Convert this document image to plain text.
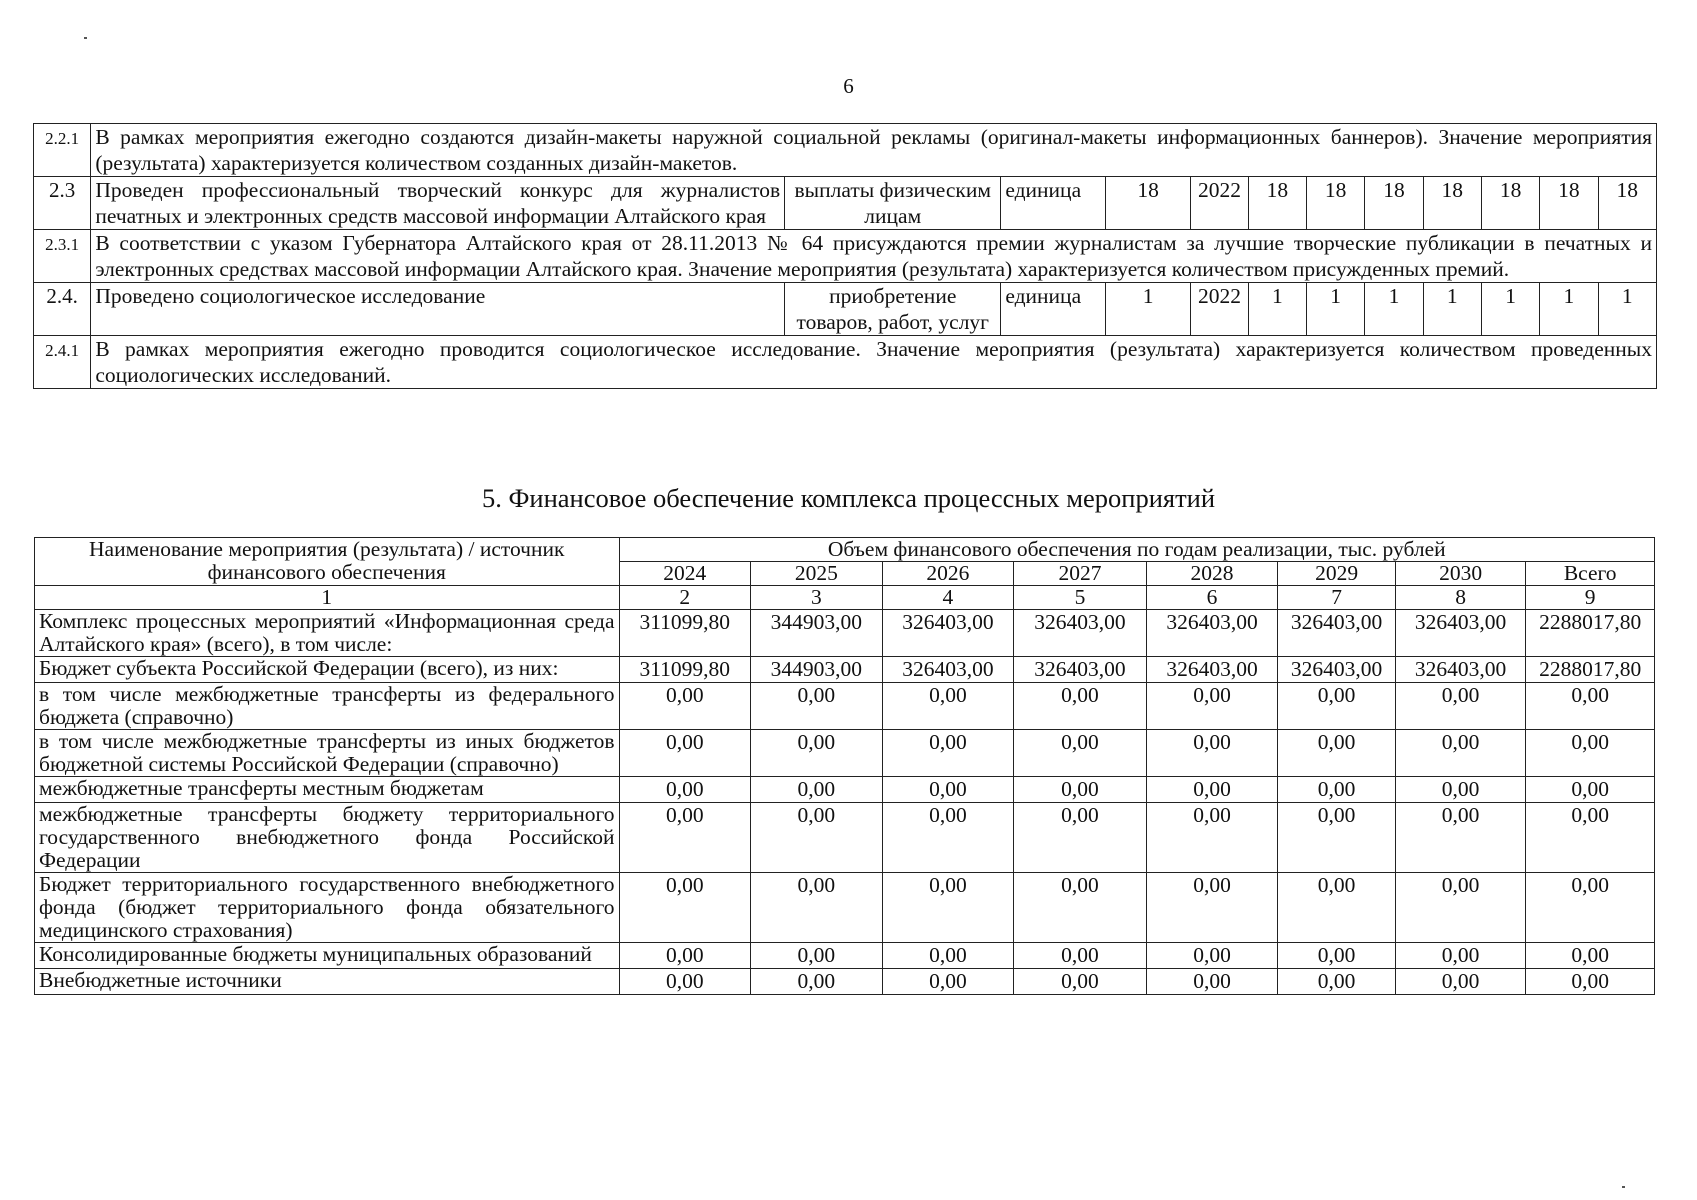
6
2.2.1	В рамках мероприятия ежегодно создаются дизайн-макеты наружной социальной рекламы (оригинал-макеты информационных баннеров). Значение мероприятия (результата) характеризуется количеством созданных дизайн-макетов.											
2.3	Проведен профессиональный творческий конкурс для журналистов печатных и электронных средств массовой информации Алтайского края	выплаты физическим лицам	единица	18	2022	18	18	18	18	18	18	18
2.3.1	В соответствии с указом Губернатора Алтайского края от 28.11.2013 № 64 присуждаются премии журналистам за лучшие творческие публикации в печатных и электронных средствах массовой информации Алтайского края. Значение мероприятия (результата) характеризуется количеством присужденных премий.											
2.4.	Проведено социологическое исследование	приобретение товаров, работ, услуг	единица	1	2022	1	1	1	1	1	1	1
2.4.1	В рамках мероприятия ежегодно проводится социологическое исследование. Значение мероприятия (результата) характеризуется количеством проведенных социологических исследований.											
5. Финансовое обеспечение комплекса процессных мероприятий
Наименование мероприятия (результата) / источник финансового обеспечения	Объем финансового обеспечения по годам реализации, тыс. рублей							
	2024	2025	2026	2027	2028	2029	2030	Всего
1	2	3	4	5	6	7	8	9
Комплекс процессных мероприятий «Информационная среда Алтайского края» (всего), в том числе:	311099,80	344903,00	326403,00	326403,00	326403,00	326403,00	326403,00	2288017,80
Бюджет субъекта Российской Федерации (всего), из них:	311099,80	344903,00	326403,00	326403,00	326403,00	326403,00	326403,00	2288017,80
в том числе межбюджетные трансферты из федерального бюджета (справочно)	0,00	0,00	0,00	0,00	0,00	0,00	0,00	0,00
в том числе межбюджетные трансферты из иных бюджетов бюджетной системы Российской Федерации (справочно)	0,00	0,00	0,00	0,00	0,00	0,00	0,00	0,00
межбюджетные трансферты местным бюджетам	0,00	0,00	0,00	0,00	0,00	0,00	0,00	0,00
межбюджетные трансферты бюджету территориального государственного внебюджетного фонда Российской Федерации	0,00	0,00	0,00	0,00	0,00	0,00	0,00	0,00
Бюджет территориального государственного внебюджетного фонда (бюджет территориального фонда обязательного медицинского страхования)	0,00	0,00	0,00	0,00	0,00	0,00	0,00	0,00
Консолидированные бюджеты муниципальных образований	0,00	0,00	0,00	0,00	0,00	0,00	0,00	0,00
Внебюджетные источники	0,00	0,00	0,00	0,00	0,00	0,00	0,00	0,00
